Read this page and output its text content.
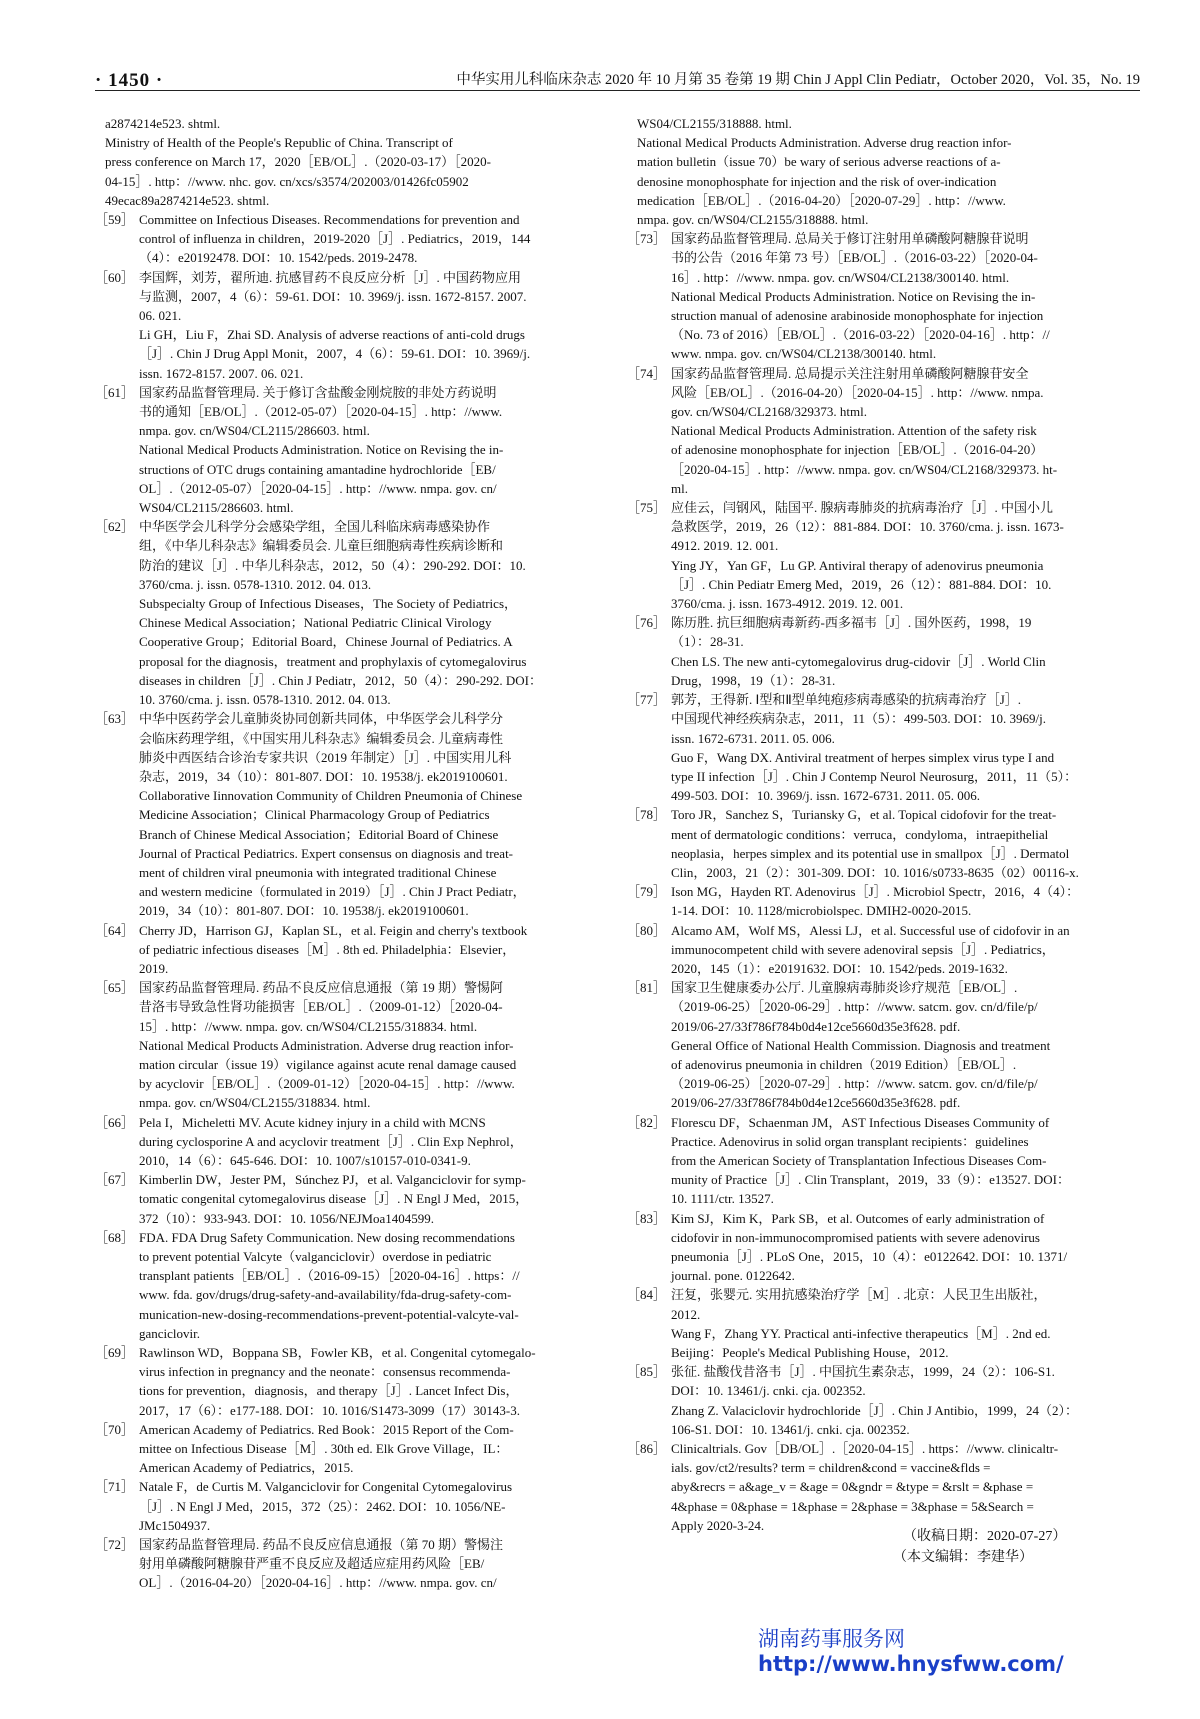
· 1450 ·	中华实用儿科临床杂志 2020 年 10 月第 35 卷第 19 期 Chin J Appl Clin Pediatr，October 2020，Vol. 35，No. 19
a2874214e523. shtml.
Ministry of Health of the People's Republic of China. Transcript of
press conference on March 17，2020［EB/OL］.（2020-03-17）［2020-
04-15］. http：//www. nhc. gov. cn/xcs/s3574/202003/01426fc05902
49ecac89a2874214e523. shtml.
［59］ Committee on Infectious Diseases. Recommendations for prevention and
control of influenza in children，2019-2020［J］. Pediatrics，2019，144
（4）：e20192478. DOI：10. 1542/peds. 2019-2478.
［60］ 李国辉，刘芳，翟所迪. 抗感冒药不良反应分析［J］. 中国药物应用
与监测，2007，4（6）：59-61. DOI：10. 3969/j. issn. 1672-8157. 2007.
06. 021.
Li GH，Liu F，Zhai SD. Analysis of adverse reactions of anti-cold drugs
［J］. Chin J Drug Appl Monit，2007，4（6）：59-61. DOI：10. 3969/j.
issn. 1672-8157. 2007. 06. 021.
［61］ 国家药品监督管理局. 关于修订含盐酸金刚烷胺的非处方药说明
书的通知［EB/OL］.（2012-05-07）［2020-04-15］. http：//www.
nmpa. gov. cn/WS04/CL2115/286603. html.
National Medical Products Administration. Notice on Revising the in-
structions of OTC drugs containing amantadine hydrochloride［EB/
OL］.（2012-05-07）［2020-04-15］. http：//www. nmpa. gov. cn/
WS04/CL2115/286603. html.
［62］ 中华医学会儿科学分会感染学组，全国儿科临床病毒感染协作
组，《中华儿科杂志》编辑委员会. 儿童巨细胞病毒性疾病诊断和
防治的建议［J］. 中华儿科杂志，2012，50（4）：290-292. DOI：10.
3760/cma. j. issn. 0578-1310. 2012. 04. 013.
Subspecialty Group of Infectious Diseases，The Society of Pediatrics，
Chinese Medical Association；National Pediatric Clinical Virology
Cooperative Group；Editorial Board，Chinese Journal of Pediatrics. A
proposal for the diagnosis，treatment and prophylaxis of cytomegalovirus
diseases in children［J］. Chin J Pediatr，2012，50（4）：290-292. DOI：
10. 3760/cma. j. issn. 0578-1310. 2012. 04. 013.
［63］ 中华中医药学会儿童肺炎协同创新共同体，中华医学会儿科学分
会临床药理学组，《中国实用儿科杂志》编辑委员会. 儿童病毒性
肺炎中西医结合诊治专家共识（2019 年制定）［J］. 中国实用儿科
杂志，2019，34（10）：801-807. DOI：10. 19538/j. ek2019100601.
Collaborative Iinnovation Community of Children Pneumonia of Chinese
Medicine Association；Clinical Pharmacology Group of Pediatrics
Branch of Chinese Medical Association；Editorial Board of Chinese
Journal of Practical Pediatrics. Expert consensus on diagnosis and treat-
ment of children viral pneumonia with integrated traditional Chinese
and western medicine（formulated in 2019）［J］. Chin J Pract Pediatr，
2019，34（10）：801-807. DOI：10. 19538/j. ek2019100601.
［64］ Cherry JD，Harrison GJ，Kaplan SL，et al. Feigin and cherry's textbook
of pediatric infectious diseases［M］. 8th ed. Philadelphia：Elsevier，
2019.
［65］ 国家药品监督管理局. 药品不良反应信息通报（第 19 期）警惕阿
昔洛韦导致急性肾功能损害［EB/OL］.（2009-01-12）［2020-04-
15］. http：//www. nmpa. gov. cn/WS04/CL2155/318834. html.
National Medical Products Administration. Adverse drug reaction infor-
mation circular（issue 19）vigilance against acute renal damage caused
by acyclovir［EB/OL］.（2009-01-12）［2020-04-15］. http：//www.
nmpa. gov. cn/WS04/CL2155/318834. html.
［66］ Pela I，Micheletti MV. Acute kidney injury in a child with MCNS
during cyclosporine A and acyclovir treatment［J］. Clin Exp Nephrol，
2010，14（6）：645-646. DOI：10. 1007/s10157-010-0341-9.
［67］ Kimberlin DW，Jester PM，Súnchez PJ，et al. Valganciclovir for symp-
tomatic congenital cytomegalovirus disease［J］. N Engl J Med，2015，
372（10）：933-943. DOI：10. 1056/NEJMoa1404599.
［68］ FDA. FDA Drug Safety Communication. New dosing recommendations
to prevent potential Valcyte（valganciclovir）overdose in pediatric
transplant patients［EB/OL］.（2016-09-15）［2020-04-16］. https：//
www. fda. gov/drugs/drug-safety-and-availability/fda-drug-safety-com-
munication-new-dosing-recommendations-prevent-potential-valcyte-val-
ganciclovir.
［69］ Rawlinson WD，Boppana SB，Fowler KB，et al. Congenital cytomegalo-
virus infection in pregnancy and the neonate：consensus recommenda-
tions for prevention，diagnosis，and therapy［J］. Lancet Infect Dis，
2017，17（6）：e177-188. DOI：10. 1016/S1473-3099（17）30143-3.
［70］ American Academy of Pediatrics. Red Book：2015 Report of the Com-
mittee on Infectious Disease［M］. 30th ed. Elk Grove Village，IL：
American Academy of Pediatrics，2015.
［71］ Natale F，de Curtis M. Valganciclovir for Congenital Cytomegalovirus
［J］. N Engl J Med，2015，372（25）：2462. DOI：10. 1056/NE-
JMc1504937.
［72］ 国家药品监督管理局. 药品不良反应信息通报（第 70 期）警惕注
射用单磷酸阿糖腺苷严重不良反应及超适应症用药风险［EB/
OL］.（2016-04-20）［2020-04-16］. http：//www. nmpa. gov. cn/
WS04/CL2155/318888. html.
National Medical Products Administration. Adverse drug reaction infor-
mation bulletin（issue 70）be wary of serious adverse reactions of a-
denosine monophosphate for injection and the risk of over-indication
medication［EB/OL］.（2016-04-20）［2020-07-29］. http：//www.
nmpa. gov. cn/WS04/CL2155/318888. html.
［73］ 国家药品监督管理局. 总局关于修订注射用单磷酸阿糖腺苷说明
书的公告（2016 年第 73 号）［EB/OL］.（2016-03-22）［2020-04-
16］. http：//www. nmpa. gov. cn/WS04/CL2138/300140. html.
National Medical Products Administration. Notice on Revising the in-
struction manual of adenosine arabinoside monophosphate for injection
（No. 73 of 2016）［EB/OL］.（2016-03-22）［2020-04-16］. http：//
www. nmpa. gov. cn/WS04/CL2138/300140. html.
［74］ 国家药品监督管理局. 总局提示关注注射用单磷酸阿糖腺苷安全
风险［EB/OL］.（2016-04-20）［2020-04-15］. http：//www. nmpa.
gov. cn/WS04/CL2168/329373. html.
National Medical Products Administration. Attention of the safety risk
of adenosine monophosphate for injection［EB/OL］.（2016-04-20）
［2020-04-15］. http：//www. nmpa. gov. cn/WS04/CL2168/329373. ht-
ml.
［75］ 应佳云，闫钢风，陆国平. 腺病毒肺炎的抗病毒治疗［J］. 中国小儿
急救医学，2019，26（12）：881-884. DOI：10. 3760/cma. j. issn. 1673-
4912. 2019. 12. 001.
Ying JY，Yan GF，Lu GP. Antiviral therapy of adenovirus pneumonia
［J］. Chin Pediatr Emerg Med，2019，26（12）：881-884. DOI：10.
3760/cma. j. issn. 1673-4912. 2019. 12. 001.
［76］ 陈历胜. 抗巨细胞病毒新药-西多福韦［J］. 国外医药，1998，19
（1）：28-31.
Chen LS. The new anti-cytomegalovirus drug-cidovir［J］. World Clin
Drug，1998，19（1）：28-31.
［77］ 郭芳，王得新. Ⅰ型和Ⅱ型单纯疱疹病毒感染的抗病毒治疗［J］.
中国现代神经疾病杂志，2011，11（5）：499-503. DOI：10. 3969/j.
issn. 1672-6731. 2011. 05. 006.
Guo F，Wang DX. Antiviral treatment of herpes simplex virus type I and
type II infection［J］. Chin J Contemp Neurol Neurosurg，2011，11（5）：
499-503. DOI：10. 3969/j. issn. 1672-6731. 2011. 05. 006.
［78］ Toro JR，Sanchez S，Turiansky G，et al. Topical cidofovir for the treat-
ment of dermatologic conditions：verruca，condyloma，intraepithelial
neoplasia，herpes simplex and its potential use in smallpox［J］. Dermatol
Clin，2003，21（2）：301-309. DOI：10. 1016/s0733-8635（02）00116-x.
［79］ Ison MG，Hayden RT. Adenovirus［J］. Microbiol Spectr，2016，4（4）：
1-14. DOI：10. 1128/microbiolspec. DMIH2-0020-2015.
［80］ Alcamo AM，Wolf MS，Alessi LJ，et al. Successful use of cidofovir in an
immunocompetent child with severe adenoviral sepsis［J］. Pediatrics，
2020，145（1）：e20191632. DOI：10. 1542/peds. 2019-1632.
［81］ 国家卫生健康委办公厅. 儿童腺病毒肺炎诊疗规范［EB/OL］.
（2019-06-25）［2020-06-29］. http：//www. satcm. gov. cn/d/file/p/
2019/06-27/33f786f784b0d4e12ce5660d35e3f628. pdf.
General Office of National Health Commission. Diagnosis and treatment
of adenovirus pneumonia in children（2019 Edition）［EB/OL］.
（2019-06-25）［2020-07-29］. http：//www. satcm. gov. cn/d/file/p/
2019/06-27/33f786f784b0d4e12ce5660d35e3f628. pdf.
［82］ Florescu DF，Schaenman JM，AST Infectious Diseases Community of
Practice. Adenovirus in solid organ transplant recipients：guidelines
from the American Society of Transplantation Infectious Diseases Com-
munity of Practice［J］. Clin Transplant，2019，33（9）：e13527. DOI：
10. 1111/ctr. 13527.
［83］ Kim SJ，Kim K，Park SB，et al. Outcomes of early administration of
cidofovir in non-immunocompromised patients with severe adenovirus
pneumonia［J］. PLoS One，2015，10（4）：e0122642. DOI：10. 1371/
journal. pone. 0122642.
［84］ 汪复，张婴元. 实用抗感染治疗学［M］. 北京：人民卫生出版社，
2012.
Wang F，Zhang YY. Practical anti-infective therapeutics［M］. 2nd ed.
Beijing：People's Medical Publishing House，2012.
［85］ 张征. 盐酸伐昔洛韦［J］. 中国抗生素杂志，1999，24（2）：106-S1.
DOI：10. 13461/j. cnki. cja. 002352.
Zhang Z. Valaciclovir hydrochloride［J］. Chin J Antibio，1999，24（2）：
106-S1. DOI：10. 13461/j. cnki. cja. 002352.
［86］ Clinicaltrials. Gov［DB/OL］.［2020-04-15］. https：//www. clinicaltr-
ials. gov/ct2/results? term = children&cond = vaccine&flds =
aby&recrs = a&age_v = &age = 0&gndr = &type = &rslt = &phase =
4&phase = 0&phase = 1&phase = 2&phase = 3&phase = 5&Search =
Apply 2020-3-24.
（收稿日期：2020-07-27）
（本文编辑：李建华）
湖南药事服务网
http://www.hnysfww.com/
